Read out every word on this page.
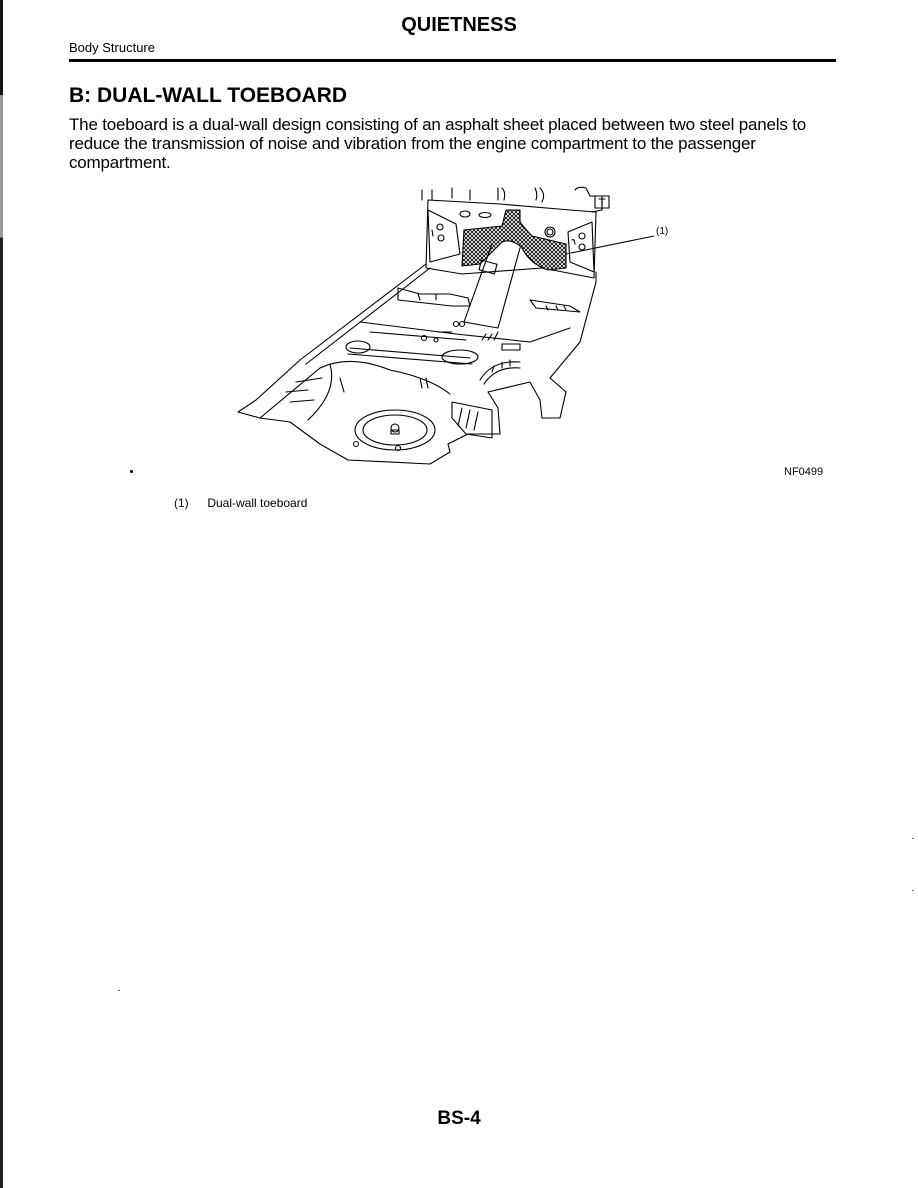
QUIETNESS
Body Structure
B: DUAL-WALL TOEBOARD
The toeboard is a dual-wall design consisting of an asphalt sheet placed between two steel panels to reduce the transmission of noise and vibration from the engine compartment to the passenger compartment.
(1)
NF0499
(1) Dual-wall toeboard
BS-4
